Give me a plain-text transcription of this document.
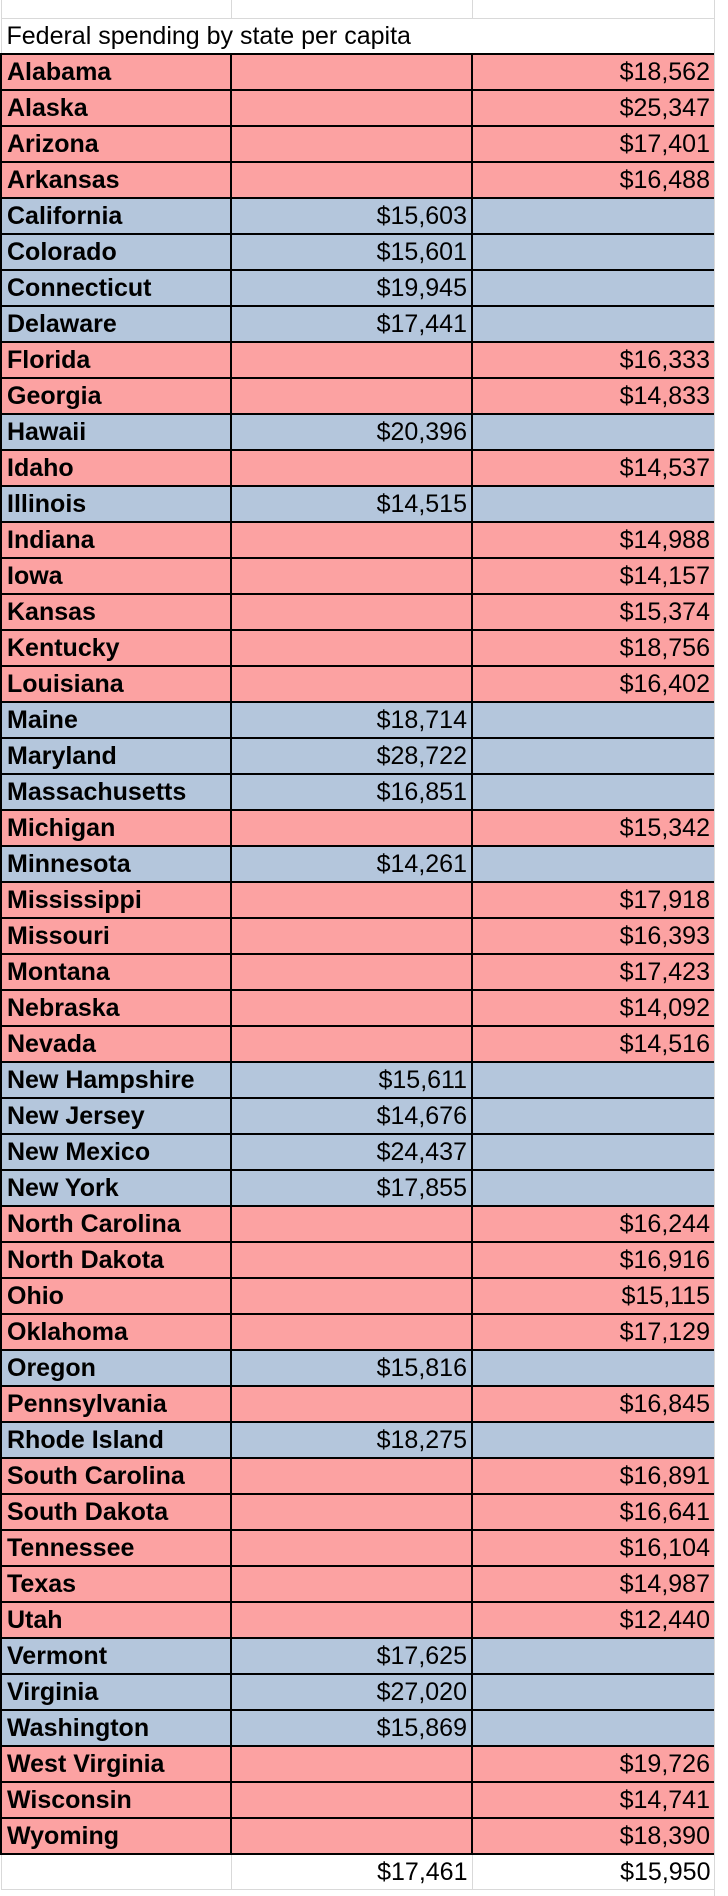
Federal spending by state per capita		
Alabama		$18,562
Alaska		$25,347
Arizona		$17,401
Arkansas		$16,488
California	$15,603	
Colorado	$15,601	
Connecticut	$19,945	
Delaware	$17,441	
Florida		$16,333
Georgia		$14,833
Hawaii	$20,396	
Idaho		$14,537
Illinois	$14,515	
Indiana		$14,988
Iowa		$14,157
Kansas		$15,374
Kentucky		$18,756
Louisiana		$16,402
Maine	$18,714	
Maryland	$28,722	
Massachusetts	$16,851	
Michigan		$15,342
Minnesota	$14,261	
Mississippi		$17,918
Missouri		$16,393
Montana		$17,423
Nebraska		$14,092
Nevada		$14,516
New Hampshire	$15,611	
New Jersey	$14,676	
New Mexico	$24,437	
New York	$17,855	
North Carolina		$16,244
North Dakota		$16,916
Ohio		$15,115
Oklahoma		$17,129
Oregon	$15,816	
Pennsylvania		$16,845
Rhode Island	$18,275	
South Carolina		$16,891
South Dakota		$16,641
Tennessee		$16,104
Texas		$14,987
Utah		$12,440
Vermont	$17,625	
Virginia	$27,020	
Washington	$15,869	
West Virginia		$19,726
Wisconsin		$14,741
Wyoming		$18,390
	$17,461	$15,950
